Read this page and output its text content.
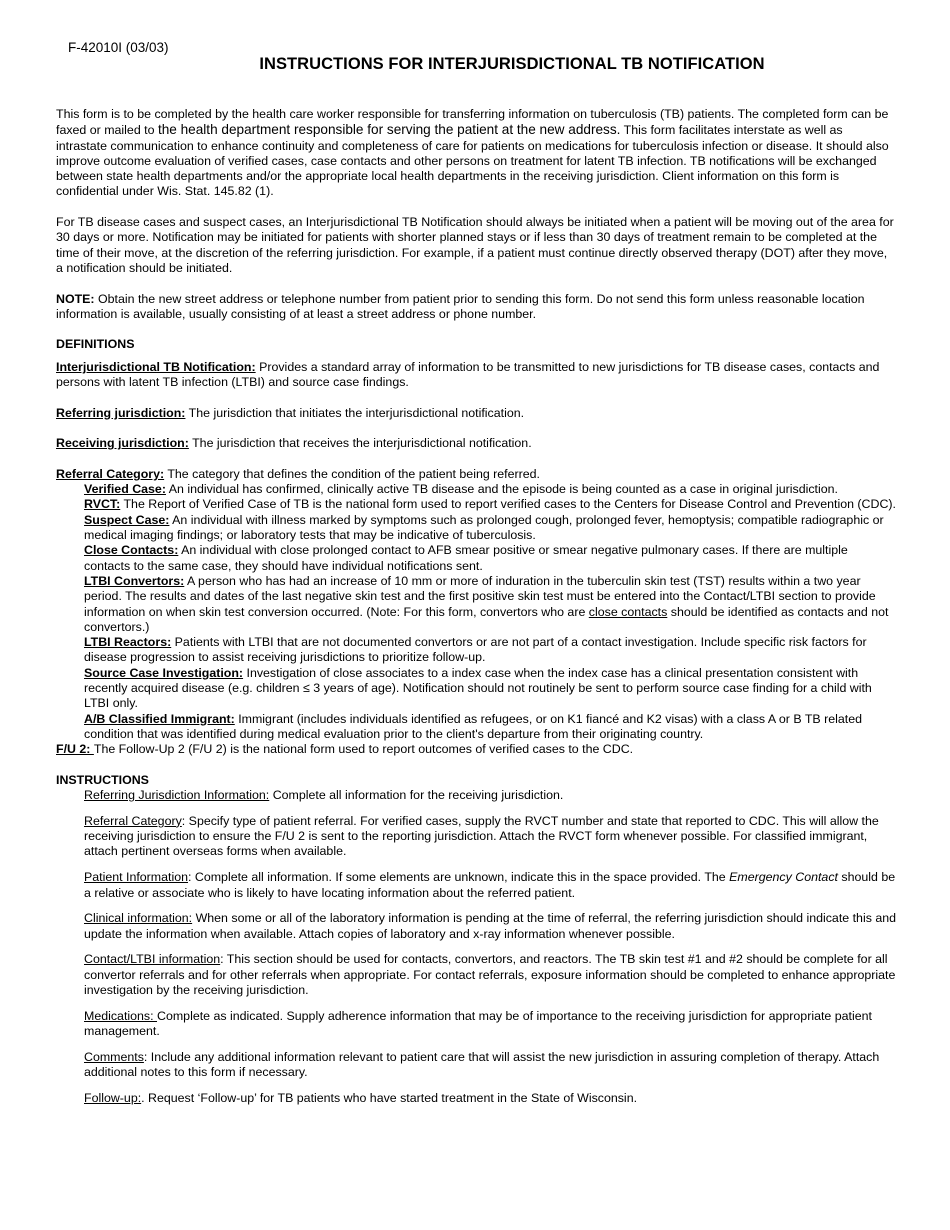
F-42010I (03/03)
INSTRUCTIONS FOR INTERJURISDICTIONAL TB NOTIFICATION

This form is to be completed by the health care worker responsible for transferring information on tuberculosis (TB) patients. The completed form can be faxed or mailed to the health department responsible for serving the patient at the new address. This form facilitates interstate as well as intrastate communication to enhance continuity and completeness of care for patients on medications for tuberculosis infection or disease. It should also improve outcome evaluation of verified cases, case contacts and other persons on treatment for latent TB infection. TB notifications will be exchanged between state health departments and/or the appropriate local health departments in the receiving jurisdiction. Client information on this form is confidential under Wis. Stat. 145.82 (1).

For TB disease cases and suspect cases, an Interjurisdictional TB Notification should always be initiated when a patient will be moving out of the area for 30 days or more. Notification may be initiated for patients with shorter planned stays or if less than 30 days of treatment remain to be completed at the time of their move, at the discretion of the referring jurisdiction. For example, if a patient must continue directly observed therapy (DOT) after they move, a notification should be initiated.

NOTE: Obtain the new street address or telephone number from patient prior to sending this form. Do not send this form unless reasonable location information is available, usually consisting of at least a street address or phone number.

DEFINITIONS

Interjurisdictional TB Notification: Provides a standard array of information to be transmitted to new jurisdictions for TB disease cases, contacts and persons with latent TB infection (LTBI) and source case findings.

Referring jurisdiction: The jurisdiction that initiates the interjurisdictional notification.

Receiving jurisdiction: The jurisdiction that receives the interjurisdictional notification.

Referral Category: The category that defines the condition of the patient being referred.

Verified Case: An individual has confirmed, clinically active TB disease and the episode is being counted as a case in original jurisdiction.

RVCT: The Report of Verified Case of TB is the national form used to report verified cases to the Centers for Disease Control and Prevention (CDC).

Suspect Case: An individual with illness marked by symptoms such as prolonged cough, prolonged fever, hemoptysis; compatible radiographic or medical imaging findings; or laboratory tests that may be indicative of tuberculosis.

Close Contacts: An individual with close prolonged contact to AFB smear positive or smear negative pulmonary cases. If there are multiple contacts to the same case, they should have individual notifications sent.

LTBI Convertors: A person who has had an increase of 10 mm or more of induration in the tuberculin skin test (TST) results within a two year period. The results and dates of the last negative skin test and the first positive skin test must be entered into the Contact/LTBI section to provide information on when skin test conversion occurred. (Note: For this form, convertors who are close contacts should be identified as contacts and not convertors.)

LTBI Reactors: Patients with LTBI that are not documented convertors or are not part of a contact investigation. Include specific risk factors for disease progression to assist receiving jurisdictions to prioritize follow-up.

Source Case Investigation: Investigation of close associates to a index case when the index case has a clinical presentation consistent with recently acquired disease (e.g. children ≤ 3 years of age). Notification should not routinely be sent to perform source case finding for a child with LTBI only.

A/B Classified Immigrant: Immigrant (includes individuals identified as refugees, or on K1 fiancé and K2 visas) with a class A or B TB related condition that was identified during medical evaluation prior to the client's departure from their originating country.

F/U 2: The Follow-Up 2 (F/U 2) is the national form used to report outcomes of verified cases to the CDC.

INSTRUCTIONS

Referring Jurisdiction Information: Complete all information for the receiving jurisdiction.

Referral Category: Specify type of patient referral. For verified cases, supply the RVCT number and state that reported to CDC. This will allow the receiving jurisdiction to ensure the F/U 2 is sent to the reporting jurisdiction. Attach the RVCT form whenever possible. For classified immigrant, attach pertinent overseas forms when available.

Patient Information: Complete all information. If some elements are unknown, indicate this in the space provided. The Emergency Contact should be a relative or associate who is likely to have locating information about the referred patient.

Clinical information: When some or all of the laboratory information is pending at the time of referral, the referring jurisdiction should indicate this and update the information when available. Attach copies of laboratory and x-ray information whenever possible.

Contact/LTBI information: This section should be used for contacts, convertors, and reactors. The TB skin test #1 and #2 should be complete for all convertor referrals and for other referrals when appropriate. For contact referrals, exposure information should be completed to enhance appropriate investigation by the receiving jurisdiction.

Medications: Complete as indicated. Supply adherence information that may be of importance to the receiving jurisdiction for appropriate patient management.

Comments: Include any additional information relevant to patient care that will assist the new jurisdiction in assuring completion of therapy. Attach additional notes to this form if necessary.

Follow-up:. Request ‘Follow-up’ for TB patients who have started treatment in the State of Wisconsin.
